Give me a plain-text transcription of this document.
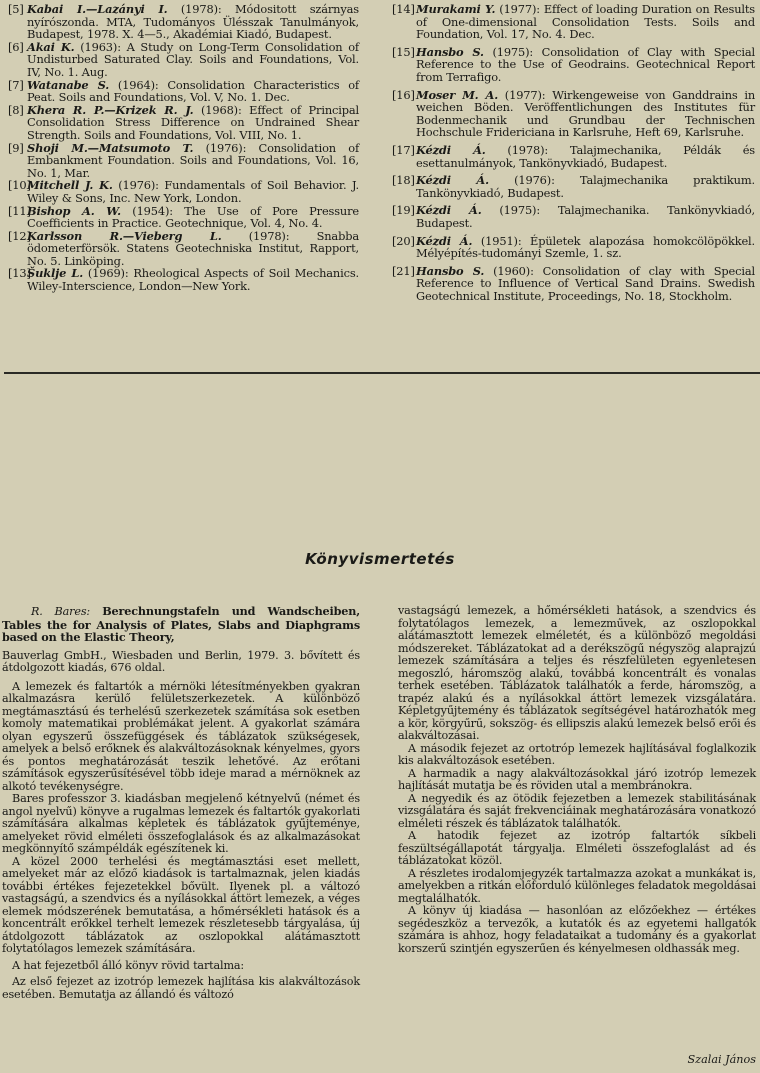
[5] Kabai I.—Lazányi I. (1978): Módositott szárnyas nyírószonda. MTA, Tudományos Ülésszak Tanulmányok, Budapest, 1978. X. 4—5., Akadémiai Kiadó, Budapest.
[6] Akai K. (1963): A Study on Long-Term Consolidation of Undisturbed Saturated Clay. Soils and Foundations, Vol. IV, No. 1. Aug.
[7] Watanabe S. (1964): Consolidation Characteristics of Peat. Soils and Foundations, Vol. V, No. 1. Dec.
[8] Khera R. P.—Krizek R. J. (1968): Effect of Principal Consolidation Stress Difference on Undrained Shear Strength. Soils and Foundations, Vol. VIII, No. 1.
[9] Shoji M.—Matsumoto T. (1976): Consolidation of Embankment Foundation. Soils and Foundations, Vol. 16, No. 1, Mar.
[10]
Mitchell J. K. (1976): Fundamentals of Soil Behavior. J. Wiley & Sons, Inc. New York, London.
[11]
Bishop A. W. (1954): The Use of Pore Pressure Coefficients in Practice. Geotechnique, Vol. 4, No. 4.
[12]
Karlsson R.—Vieberg L. (1978): Snabba ödometerförsök. Statens Geotechniska Institut, Rapport, No. 5. Linköping.
[13]
Šuklje L. (1969): Rheological Aspects of Soil Mechanics. Wiley-Interscience, London—New York.
[14] Murakami Y. (1977): Effect of loading Duration on Results of One-dimensional Consolidation Tests. Soils and Foundation, Vol. 17, No. 4. Dec.
[15] Hansbo S. (1975): Consolidation of Clay with Special Reference to the Use of Geodrains. Geotechnical Report from Terrafigo.
[16] Moser M. A. (1977): Wirkengeweise von Ganddrains in weichen Böden. Veröffentlichungen des Institutes für Bodenmechanik und Grundbau der Technischen Hochschule Fridericiana in Karlsruhe, Heft 69, Karlsruhe.
[17] Kézdi Á. (1978): Talajmechanika, Példák és esettanulmányok, Tankönyvkiadó, Budapest.
[18] Kézdi Á. (1976): Talajmechanika praktikum. Tankönyvkiadó, Budapest.
[19] Kézdi Á. (1975): Talajmechanika. Tankönyvkiadó, Budapest.
[20] Kézdi Á. (1951): Épületek alapozása homokcölöpökkel. Mélyépítés-tudományi Szemle, 1. sz.
[21] Hansbo S. (1960): Consolidation of clay with Special Reference to Influence of Vertical Sand Drains. Swedish Geotechnical Institute, Proceedings, No. 18, Stockholm.
Könyvismertetés

R. Bares: Berechnungstafeln und Wandscheiben, Tables the for Analysis of Plates, Slabs and Diaphgrams based on the Elastic Theory,

Bauverlag GmbH., Wiesbaden und Berlin, 1979. 3. bővített és átdolgozott kiadás, 676 oldal.

A lemezek és faltartók a mérnöki létesítményekben gyakran alkalmazásra kerülő felületszerkezetek. A különböző megtámasztású és terhelésű szerkezetek számítása sok esetben komoly matematikai problémákat jelent. A gyakorlat számára olyan egyszerű összefüggések és táblázatok szükségesek, amelyek a belső erőknek és alakváltozásoknak kényelmes, gyors és pontos meghatározását teszik lehetővé. Az erőtani számítások egyszerűsítésével több ideje marad a mérnöknek az alkotó tevékenységre.

Bares professzor 3. kiadásban megjelenő kétnyelvű (német és angol nyelvű) könyve a rugalmas lemezek és faltartók gyakorlati számítására alkalmas képletek és táblázatok gyűjteménye, amelyeket rövid elméleti összefoglalások és az alkalmazásokat megkönnyítő számpéldák egészítenek ki.

A közel 2000 terhelési és megtámasztási eset mellett, amelyeket már az előző kiadások is tartalmaznak, jelen kiadás további értékes fejezetekkel bővült. Ilyenek pl. a változó vastagságú, a szendvics és a nyílásokkal áttört lemezek, a véges elemek módszerének bemutatása, a hőmérsékleti hatások és a koncentrált erőkkel terhelt lemezek részletesebb tárgyalása, új átdolgozott táblázatok az oszlopokkal alátámasztott folytatólagos lemezek számítására.

A hat fejezetből álló könyv rövid tartalma:

Az első fejezet az izotróp lemezek hajlítása kis alakváltozások esetében. Bemutatja az állandó és változó

vastagságú lemezek, a hőmérsékleti hatások, a szendvics és folytatólagos lemezek, a lemezművek, az oszlopokkal alátámasztott lemezek elméletét, és a különböző megoldási módszereket. Táblázatokat ad a derékszögű négyszög alaprajzú lemezek számítására a teljes és részfelületen egyenletesen megoszló, háromszög alakú, továbbá koncentrált és vonalas terhek esetében. Táblázatok találhatók a ferde, háromszög, a trapéz alakú és a nyílásokkal áttört lemezek vizsgálatára. Képletgyűjtemény és táblázatok segítségével határozhatók meg a kör, körgyűrű, sokszög- és ellipszis alakú lemezek belső erői és alakváltozásai.

A második fejezet az ortotróp lemezek hajlításával foglalkozik kis alakváltozások esetében.

A harmadik a nagy alakváltozásokkal járó izotróp lemezek hajlítását mutatja be és röviden utal a membránokra.

A negyedik és az ötödik fejezetben a lemezek stabilitásának vizsgálatára és saját frekvenciáinak meghatározására vonatkozó elméleti részek és táblázatok találhatók.

A hatodik fejezet az izotróp faltartók síkbeli feszültségállapotát tárgyalja. Elméleti összefoglalást ad és táblázatokat közöl.

A részletes irodalomjegyzék tartalmazza azokat a munkákat is, amelyekben a ritkán előforduló különleges feladatok megoldásai megtalálhatók.

A könyv új kiadása — hasonlóan az előzőekhez — értékes segédeszköz a tervezők, a kutatók és az egyetemi hallgatók számára is ahhoz, hogy feladataikat a tudomány és a gyakorlat korszerű szintjén egyszerűen és kényelmesen oldhassák meg.

Szalai János
